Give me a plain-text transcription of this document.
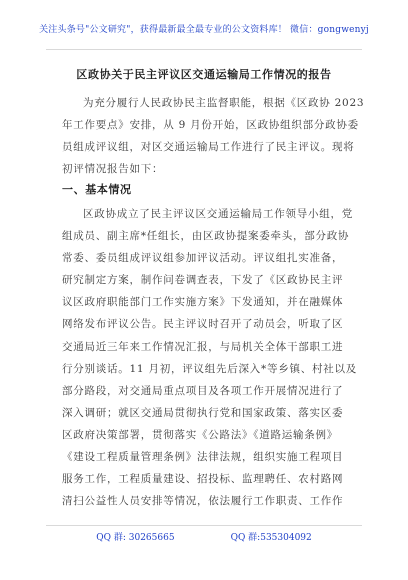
关注头条号"公文研究"，获得最新最全最专业的公文资料库！ 微信：gongwenyj
区政协关于民主评议区交通运输局工作情况的报告
为充分履行人民政协民主监督职能，根据《区政协 2023
年工作要点》安排，从 9 月份开始，区政协组织部分政协委
员组成评议组，对区交通运输局工作进行了民主评议。现将
初评情况报告如下：
一、基本情况
区政协成立了民主评议区交通运输局工作领导小组，党
组成员、副主席*任组长，由区政协提案委牵头，部分政协
常委、委员组成评议组参加评议活动。评议组扎实准备，
研究制定方案，制作问卷调查表，下发了《区政协民主评
议区政府职能部门工作实施方案》下发通知，并在融媒体
网络发布评议公告。民主评议时召开了动员会，听取了区
交通局近三年来工作情况汇报，与局机关全体干部职工进
行分别谈话。11 月初，评议组先后深入*等乡镇、村社以及
部分路段，对交通局重点项目及各项工作开展情况进行了
深入调研；就区交通局贯彻执行党和国家政策、落实区委
区政府决策部署，贯彻落实《公路法》《道路运输条例》
《建设工程质量管理条例》法律法规，组织实施工程项目
服务工作，工程质量建设、招投标、监理聘任、农村路网
清扫公益性人员安排等情况，依法履行工作职责、工作作
QQ 群: 30265665	QQ 群:535304092
